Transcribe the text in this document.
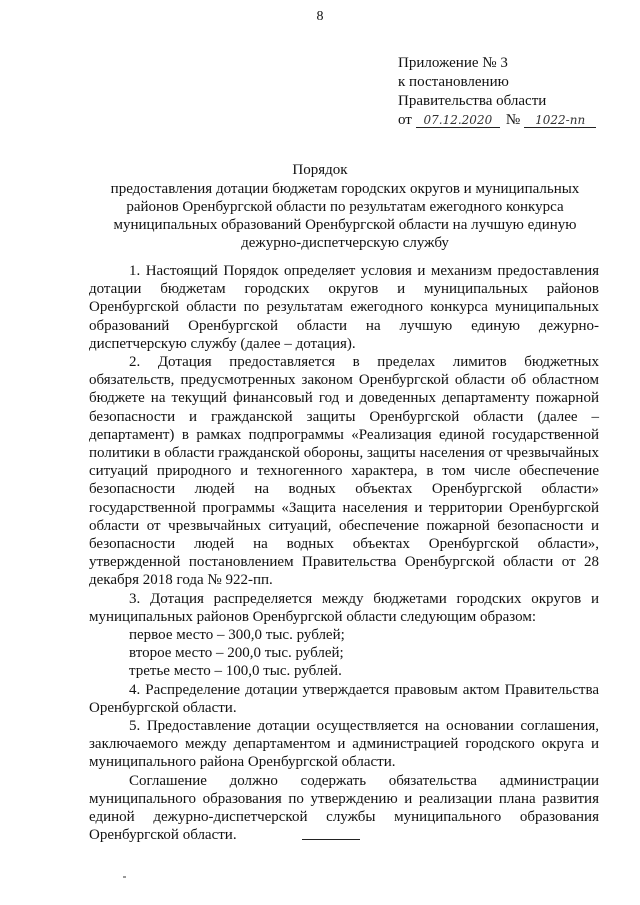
8
Приложение № 3
к постановлению
Правительства области
от 07.12.2020 №	1022-пп
Порядок
предоставления дотации бюджетам городских округов и муниципальных районов Оренбургской области по результатам ежегодного конкурса муниципальных образований Оренбургской области на лучшую единую дежурно-диспетчерскую службу

1. Настоящий Порядок определяет условия и механизм предоставления дотации бюджетам городских округов и муниципальных районов Оренбургской области по результатам ежегодного конкурса муниципальных образований Оренбургской области на лучшую единую дежурно-диспетчерскую службу (далее – дотация).

2. Дотация предоставляется в пределах лимитов бюджетных обязательств, предусмотренных законом Оренбургской области об областном бюджете на текущий финансовый год и доведенных департаменту пожарной безопасности и гражданской защиты Оренбургской области (далее – департамент) в рамках подпрограммы «Реализация единой государственной политики в области гражданской обороны, защиты населения от чрезвычайных ситуаций природного и техногенного характера, в том числе обеспечение безопасности людей на водных объектах Оренбургской области» государственной программы «Защита населения и территории Оренбургской области от чрезвычайных ситуаций, обеспечение пожарной безопасности и безопасности людей на водных объектах Оренбургской области», утвержденной постановлением Правительства Оренбургской области от 28 декабря 2018 года № 922-пп.

3. Дотация распределяется между бюджетами городских округов и муниципальных районов Оренбургской области следующим образом:

первое место – 300,0 тыс. рублей;

второе место – 200,0 тыс. рублей;

третье место – 100,0 тыс. рублей.

4. Распределение дотации утверждается правовым актом Правительства Оренбургской области.

5. Предоставление дотации осуществляется на основании соглашения, заключаемого между департаментом и администрацией городского округа и муниципального района Оренбургской области.

Соглашение должно содержать обязательства администрации муниципального образования по утверждению и реализации плана развития единой дежурно-диспетчерской службы муниципального образования Оренбургской области.
